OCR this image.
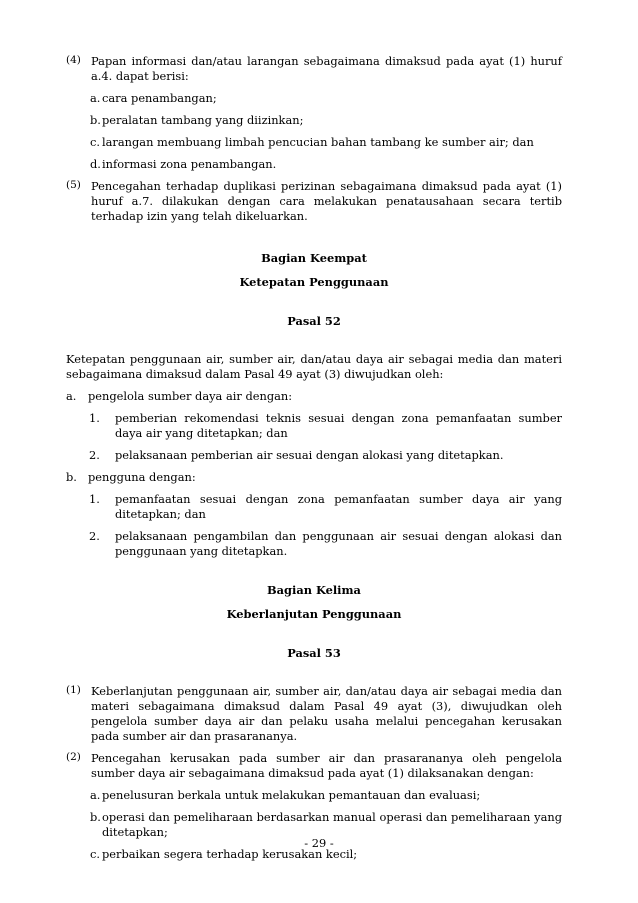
(4) Papan informasi dan/atau larangan sebagaimana dimaksud pada ayat (1) huruf a.4. dapat berisi:

a. cara penambangan;

b. peralatan tambang yang diizinkan;

c. larangan membuang limbah pencucian bahan tambang ke sumber air; dan

d. informasi zona penambangan.

(5) Pencegahan terhadap duplikasi perizinan sebagaimana dimaksud pada ayat (1) huruf a.7. dilakukan dengan cara melakukan penatausahaan secara tertib terhadap izin yang telah dikeluarkan.

Bagian Keempat
Ketepatan Penggunaan
Pasal 52

Ketepatan penggunaan air, sumber air, dan/atau daya air sebagai media dan materi sebagaimana dimaksud dalam Pasal 49 ayat (3) diwujudkan oleh:

a. pengelola sumber daya air dengan:

1. pemberian rekomendasi teknis sesuai dengan zona pemanfaatan sumber daya air yang ditetapkan; dan

2. pelaksanaan pemberian air sesuai dengan alokasi yang ditetapkan.

b. pengguna dengan:

1. pemanfaatan sesuai dengan zona pemanfaatan sumber daya air yang ditetapkan; dan

2. pelaksanaan pengambilan dan penggunaan air sesuai dengan alokasi dan penggunaan yang ditetapkan.

Bagian Kelima
Keberlanjutan Penggunaan
Pasal 53
(1) Keberlanjutan penggunaan air, sumber air, dan/atau daya air sebagai media dan materi sebagaimana dimaksud dalam Pasal 49 ayat (3), diwujudkan oleh pengelola sumber daya air dan pelaku usaha melalui pencegahan kerusakan pada sumber air dan prasarananya.

(2) Pencegahan kerusakan pada sumber air dan prasarananya oleh pengelola sumber daya air sebagaimana dimaksud pada ayat (1) dilaksanakan dengan:

a. penelusuran berkala untuk melakukan pemantauan dan evaluasi;

b. operasi dan pemeliharaan berdasarkan manual operasi dan pemeliharaan yang ditetapkan;

c. perbaikan segera terhadap kerusakan kecil;

- 29 -
